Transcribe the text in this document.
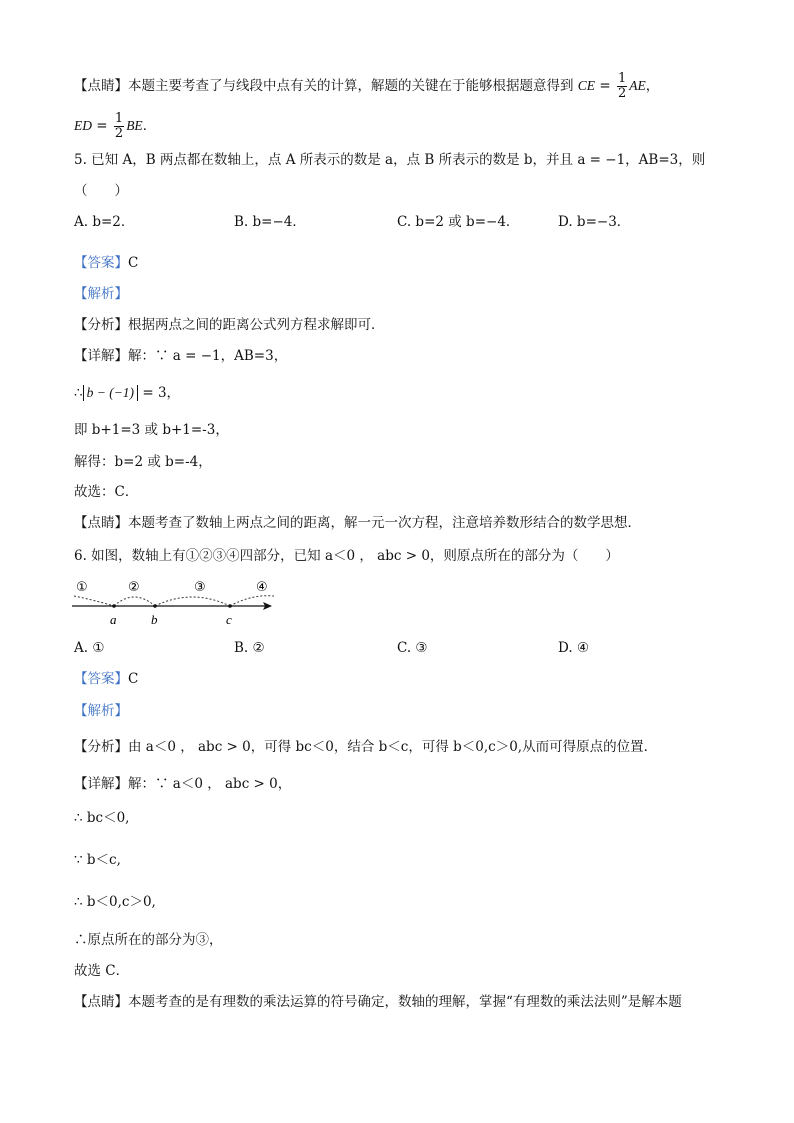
【点睛】本题主要考查了与线段中点有关的计算，解题的关键在于能够根据题意得到 CE = $\frac{1}{2}$ AE，
ED = $\frac{1}{2}$ BE．
5. 已知 A，B 两点都在数轴上，点 A 所表示的数是 a，点 B 所表示的数是 b，并且 a = −1，AB=3，则
（　　）
A. b=2．	B. b=−4．	C. b=2 或 b=−4．	D. b=−3．
【答案】C
【解析】
【分析】根据两点之间的距离公式列方程求解即可．
【详解】解：∵ a = −1，AB=3，
∴ b − (−1) = 3，
即 b+1=3 或 b+1=-3，
解得：b=2 或 b=-4，
故选：C．
【点睛】本题考查了数轴上两点之间的距离，解一元一次方程，注意培养数形结合的数学思想．
6. 如图，数轴上有①②③④四部分，已知 a＜0 ， abc > 0，则原点所在的部分为（　　）
①	②	③	④
a	b	c
A. ①	B. ②	C. ③	D. ④
【答案】C
【解析】
【分析】由 a＜0 ， abc > 0，可得 bc＜0，结合 b＜c，可得 b＜0,c＞0,从而可得原点的位置．
【详解】解：∵ a＜0 ， abc > 0，
∴ bc＜0,
∵ b＜c,
∴ b＜0,c＞0,
∴原点所在的部分为③，
故选 C．
【点睛】本题考查的是有理数的乘法运算的符号确定，数轴的理解，掌握“有理数的乘法法则”是解本题
